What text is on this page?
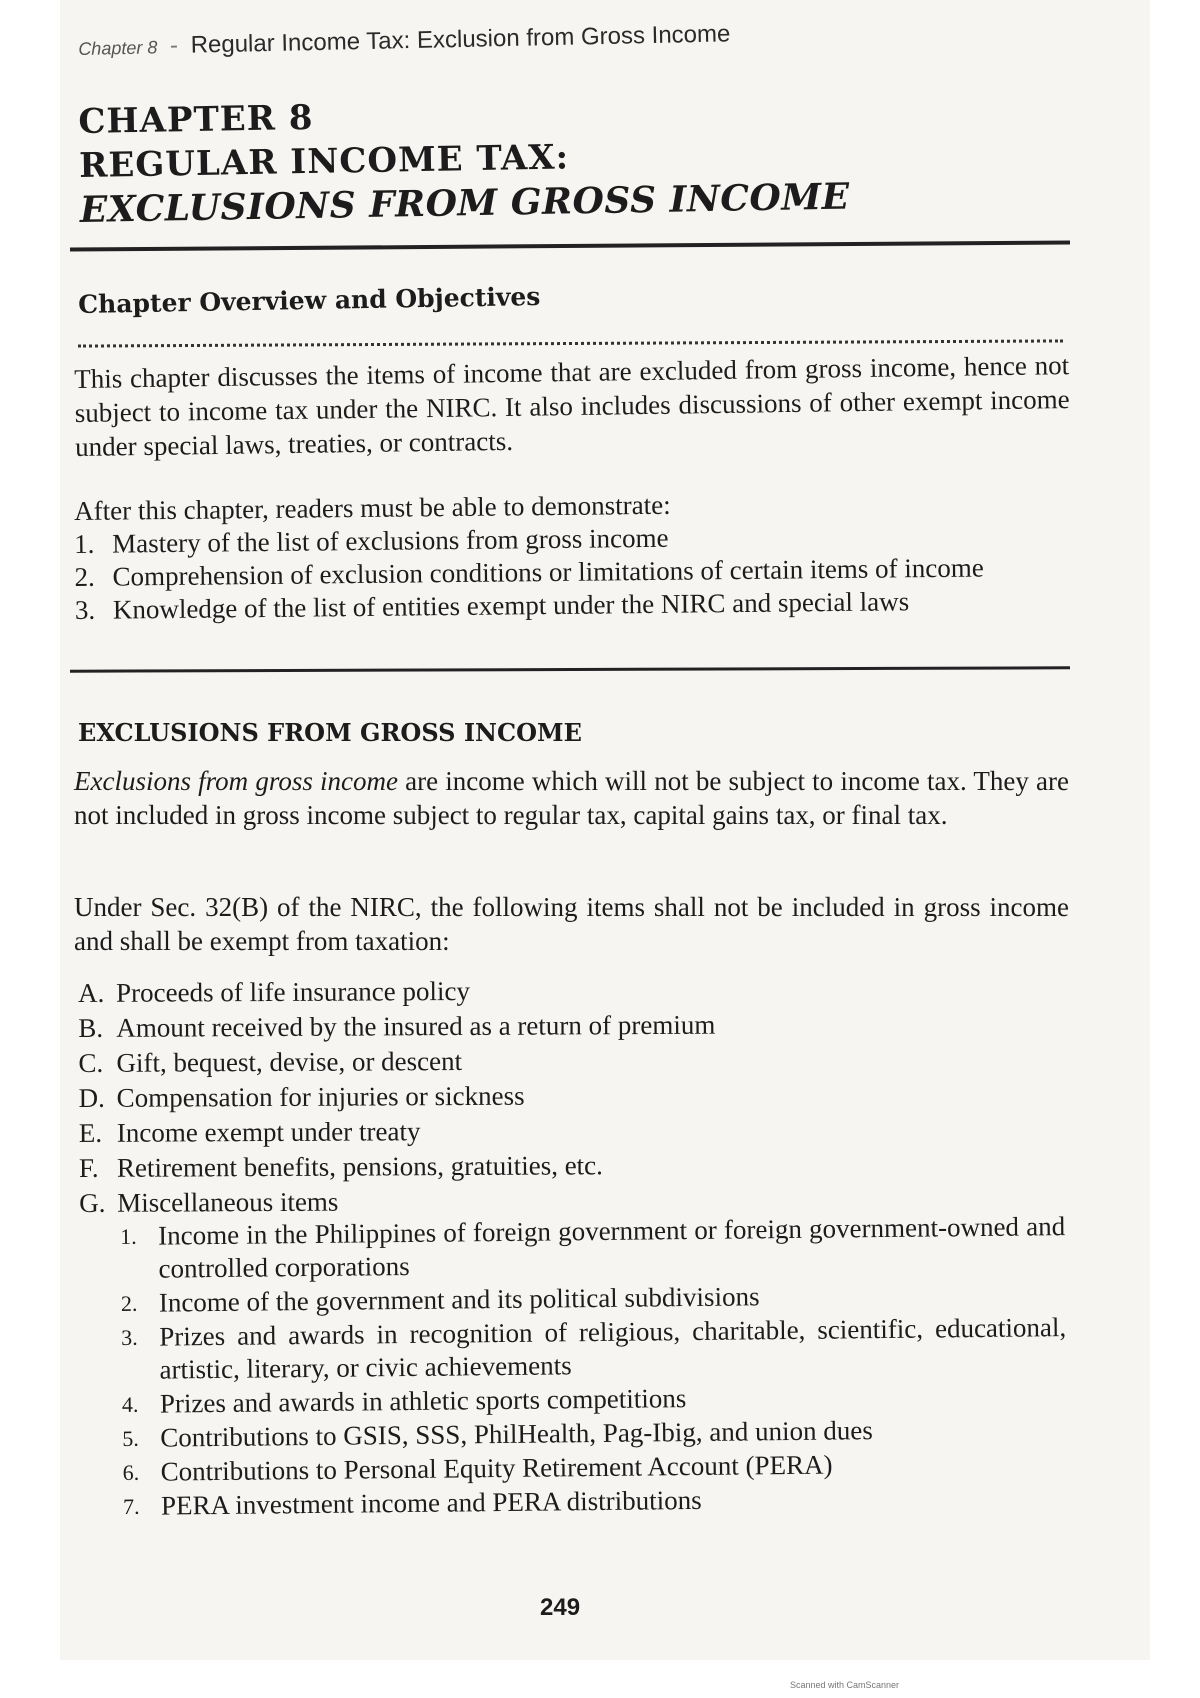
Chapter 8 - Regular Income Tax: Exclusion from Gross Income
CHAPTER 8
REGULAR INCOME TAX:
EXCLUSIONS FROM GROSS INCOME
Chapter Overview and Objectives
This chapter discusses the items of income that are excluded from gross income, hence not subject to income tax under the NIRC. It also includes discussions of other exempt income under special laws, treaties, or contracts.
After this chapter, readers must be able to demonstrate:
1. Mastery of the list of exclusions from gross income
2. Comprehension of exclusion conditions or limitations of certain items of income
3. Knowledge of the list of entities exempt under the NIRC and special laws
EXCLUSIONS FROM GROSS INCOME
Exclusions from gross income are income which will not be subject to income tax. They are not included in gross income subject to regular tax, capital gains tax, or final tax.
Under Sec. 32(B) of the NIRC, the following items shall not be included in gross income and shall be exempt from taxation:
A. Proceeds of life insurance policy
B. Amount received by the insured as a return of premium
C. Gift, bequest, devise, or descent
D. Compensation for injuries or sickness
E. Income exempt under treaty
F. Retirement benefits, pensions, gratuities, etc.
G. Miscellaneous items
1. Income in the Philippines of foreign government or foreign government-owned and controlled corporations
2. Income of the government and its political subdivisions
3. Prizes and awards in recognition of religious, charitable, scientific, educational, artistic, literary, or civic achievements
4. Prizes and awards in athletic sports competitions
5. Contributions to GSIS, SSS, PhilHealth, Pag-Ibig, and union dues
6. Contributions to Personal Equity Retirement Account (PERA)
7. PERA investment income and PERA distributions
249
Scanned with CamScanner
